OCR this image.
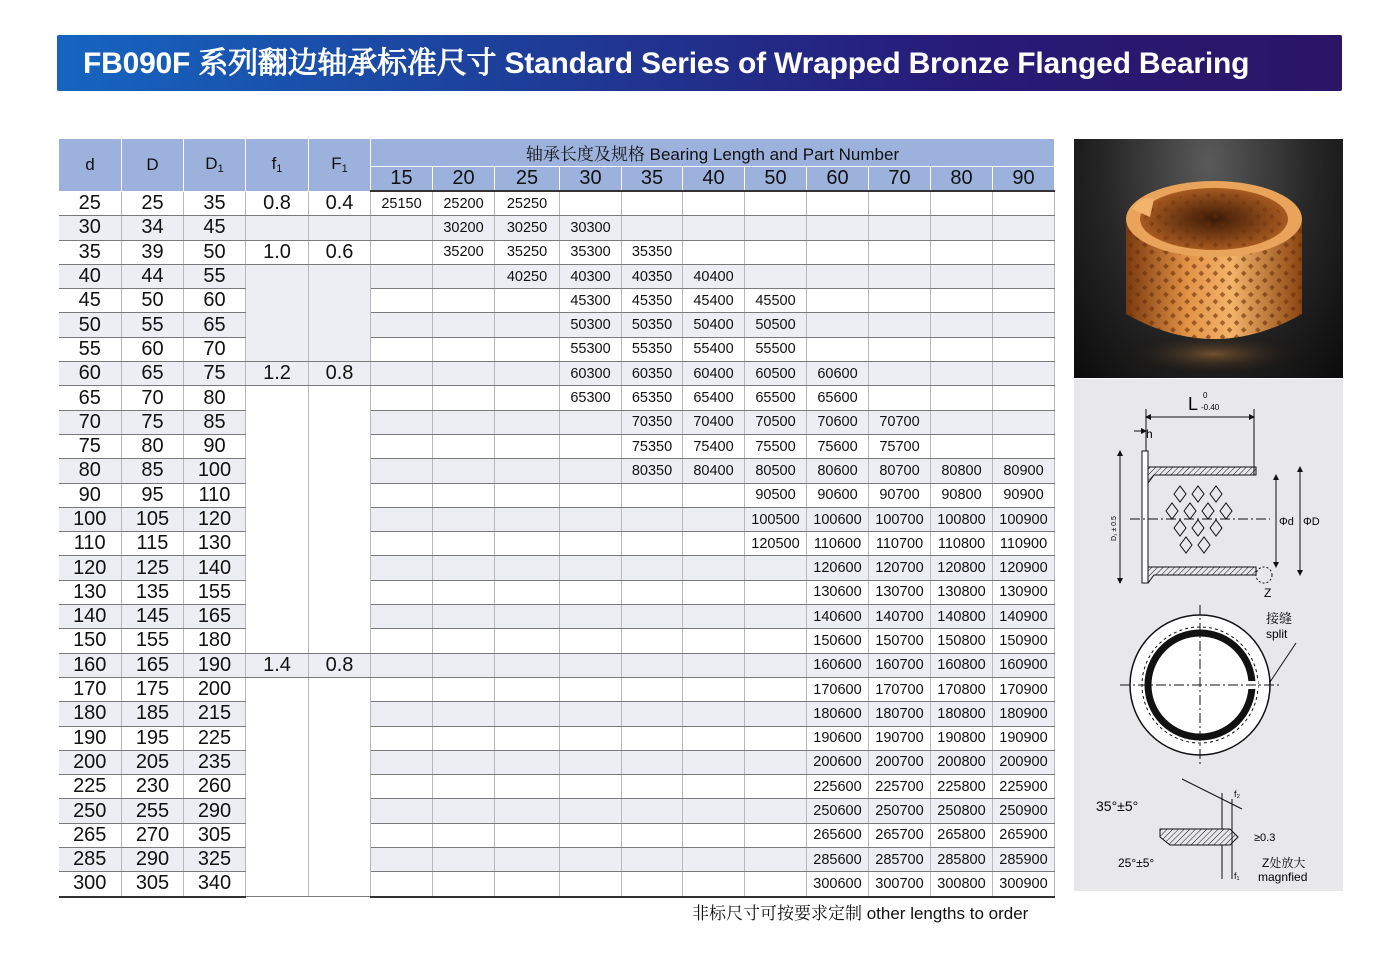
FB090F 系列翻边轴承标准尺寸 Standard Series of Wrapped Bronze Flanged Bearing
d	D	$D_1$	$f_1$	$F_1$	轴承长度及规格 Bearing Length and Part Number										
					15	20	25	30	35	40	50	60	70	80	90
25	25	35	0.8	0.4	25150	25200	25250								
30	34	45				30200	30250	30300							
35	39	50	1.0	0.6		35200	35250	35300	35350						
40	44	55					40250	40300	40350	40400					
45	50	60						45300	45350	45400	45500				
50	55	65						50300	50350	50400	50500				
55	60	70						55300	55350	55400	55500				
60	65	75	1.2	0.8				60300	60350	60400	60500	60600			
65	70	80						65300	65350	65400	65500	65600			
70	75	85							70350	70400	70500	70600	70700		
75	80	90							75350	75400	75500	75600	75700		
80	85	100							80350	80400	80500	80600	80700	80800	80900
90	95	110									90500	90600	90700	90800	90900
100	105	120									100500	100600	100700	100800	100900
110	115	130									120500	110600	110700	110800	110900
120	125	140										120600	120700	120800	120900
130	135	155										130600	130700	130800	130900
140	145	165										140600	140700	140800	140900
150	155	180										150600	150700	150800	150900
160	165	190	1.4	0.8								160600	160700	160800	160900
170	175	200										170600	170700	170800	170900
180	185	215										180600	180700	180800	180900
190	195	225										190600	190700	190800	190900
200	205	235										200600	200700	200800	200900
225	230	260										225600	225700	225800	225900
250	255	290										250600	250700	250800	250900
265	270	305										265600	265700	265800	265900
285	290	325										285600	285700	285800	285900
300	305	340										300600	300700	300800	300900
非标尺寸可按要求定制 other lengths to order
L 0
-0.40
h
D₁ ± 0.5	Φd ΦD
Z
接缝
split
35°±5°
25°±5°
f₂
f₁
≥0.3
Z处放大
magnfied
